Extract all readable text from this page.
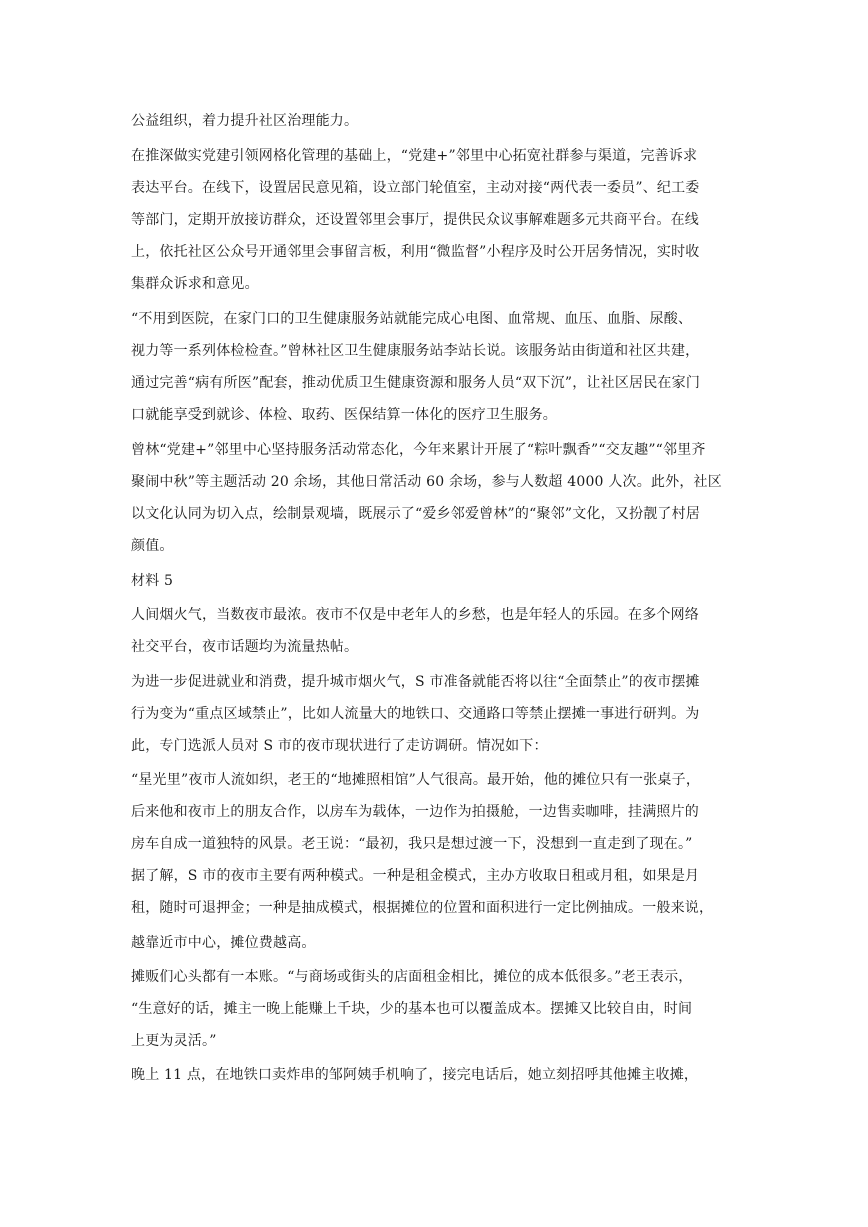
公益组织，着力提升社区治理能力。
在推深做实党建引领网格化管理的基础上，“党建+”邻里中心拓宽社群参与渠道，完善诉求
表达平台。在线下，设置居民意见箱，设立部门轮值室，主动对接“两代表一委员”、纪工委
等部门，定期开放接访群众，还设置邻里会事厅，提供民众议事解难题多元共商平台。在线
上，依托社区公众号开通邻里会事留言板，利用“微监督”小程序及时公开居务情况，实时收
集群众诉求和意见。
“不用到医院，在家门口的卫生健康服务站就能完成心电图、血常规、血压、血脂、尿酸、
视力等一系列体检检查。”曾林社区卫生健康服务站李站长说。该服务站由街道和社区共建，
通过完善“病有所医”配套，推动优质卫生健康资源和服务人员“双下沉”，让社区居民在家门
口就能享受到就诊、体检、取药、医保结算一体化的医疗卫生服务。
曾林“党建+”邻里中心坚持服务活动常态化，今年来累计开展了“粽叶飘香”“交友趣”“邻里齐
聚闹中秋”等主题活动 20 余场，其他日常活动 60 余场，参与人数超 4000 人次。此外，社区
以文化认同为切入点，绘制景观墙，既展示了“爱乡邻爱曾林”的“聚邻”文化，又扮靓了村居
颜值。
材料 5
人间烟火气，当数夜市最浓。夜市不仅是中老年人的乡愁，也是年轻人的乐园。在多个网络
社交平台，夜市话题均为流量热帖。
为进一步促进就业和消费，提升城市烟火气，S 市准备就能否将以往“全面禁止”的夜市摆摊
行为变为“重点区域禁止”，比如人流量大的地铁口、交通路口等禁止摆摊一事进行研判。为
此，专门选派人员对 S 市的夜市现状进行了走访调研。情况如下：
“星光里”夜市人流如织，老王的“地摊照相馆”人气很高。最开始，他的摊位只有一张桌子，
后来他和夜市上的朋友合作，以房车为载体，一边作为拍摄舱，一边售卖咖啡，挂满照片的
房车自成一道独特的风景。老王说：“最初，我只是想过渡一下，没想到一直走到了现在。”
据了解，S 市的夜市主要有两种模式。一种是租金模式，主办方收取日租或月租，如果是月
租，随时可退押金；一种是抽成模式，根据摊位的位置和面积进行一定比例抽成。一般来说，
越靠近市中心，摊位费越高。
摊贩们心头都有一本账。“与商场或街头的店面租金相比，摊位的成本低很多。”老王表示，
“生意好的话，摊主一晚上能赚上千块，少的基本也可以覆盖成本。摆摊又比较自由，时间
上更为灵活。”
晚上 11 点，在地铁口卖炸串的邹阿姨手机响了，接完电话后，她立刻招呼其他摊主收摊，
